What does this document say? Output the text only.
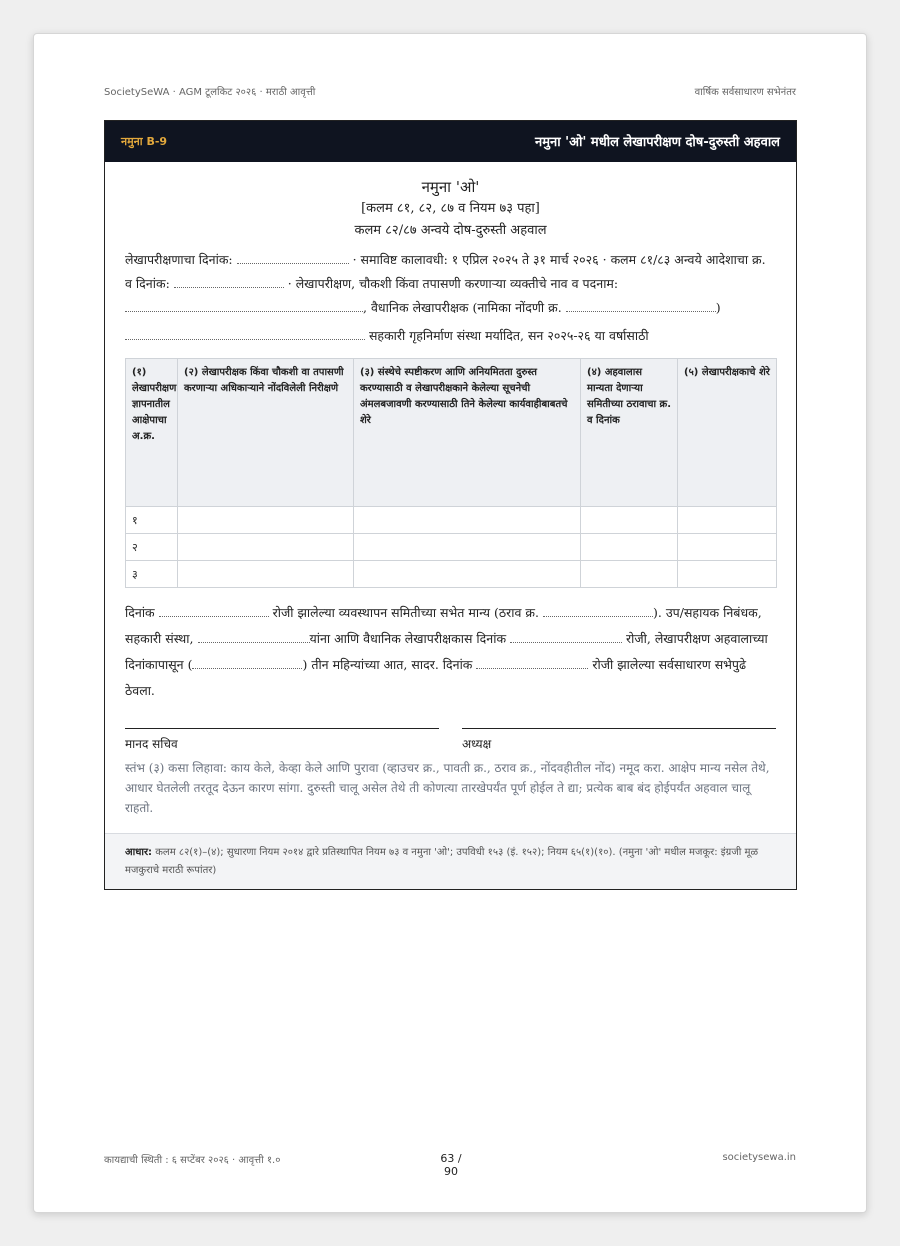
SocietySeWA · AGM टूलकिट २०२६ · मराठी आवृत्ती	वार्षिक सर्वसाधारण सभेनंतर
नमुना B-9	नमुना 'ओ' मधील लेखापरीक्षण दोष-दुरुस्ती अहवाल
नमुना 'ओ'
[कलम ८१, ८२, ८७ व नियम ७३ पहा]
कलम ८२/८७ अन्वये दोष-दुरुस्ती अहवाल
लेखापरीक्षणाचा दिनांक:	· समाविष्ट कालावधी: १ एप्रिल २०२५ ते ३१ मार्च २०२६ · कलम ८१/८३ अन्वये आदेशाचा क्र. व दिनांक:	· लेखापरीक्षण, चौकशी किंवा तपासणी करणाऱ्या व्यक्तीचे नाव व पदनाम: , वैधानिक लेखापरीक्षक (नामिका नोंदणी क्र.	)
सहकारी गृहनिर्माण संस्था मर्यादित, सन २०२५-२६ या वर्षासाठी
(१) लेखापरीक्षण ज्ञापनातील आक्षेपाचा अ.क्र.	(२) लेखापरीक्षक किंवा चौकशी वा तपासणी करणाऱ्या अधिकाऱ्याने नोंदविलेली निरीक्षणे	(३) संस्थेचे स्पष्टीकरण आणि अनियमितता दुरुस्त करण्यासाठी व लेखापरीक्षकाने केलेल्या सूचनेची अंमलबजावणी करण्यासाठी तिने केलेल्या कार्यवाहीबाबतचे शेरे	(४) अहवालास मान्यता देणाऱ्या समितीच्या ठरावाचा क्र. व दिनांक	(५) लेखापरीक्षकाचे शेरे
१				
२				
३				
दिनांक	रोजी झालेल्या व्यवस्थापन समितीच्या सभेत मान्य (ठराव क्र.	). उप/सहायक निबंधक, सहकारी संस्था,	यांना आणि वैधानिक लेखापरीक्षकास दिनांक	रोजी, लेखापरीक्षण अहवालाच्या दिनांकापासून (	) तीन महिन्यांच्या आत, सादर. दिनांक	रोजी झालेल्या सर्वसाधारण सभेपुढे ठेवला.
मानद सचिव	अध्यक्ष
स्तंभ (३) कसा लिहावा: काय केले, केव्हा केले आणि पुरावा (व्हाउचर क्र., पावती क्र., ठराव क्र., नोंदवहीतील नोंद) नमूद करा. आक्षेप मान्य नसेल तेथे, आधार घेतलेली तरतूद देऊन कारण सांगा. दुरुस्ती चालू असेल तेथे ती कोणत्या तारखेपर्यंत पूर्ण होईल ते द्या; प्रत्येक बाब बंद होईपर्यंत अहवाल चालू राहतो.
आधार: कलम ८२(१)–(४); सुधारणा नियम २०१४ द्वारे प्रतिस्थापित नियम ७३ व नमुना 'ओ'; उपविधी १५३ (इं. १५२); नियम ६५(१)(१०). (नमुना 'ओ' मधील मजकूर: इंग्रजी मूळ मजकुराचे मराठी रूपांतर)
कायद्याची स्थिती : ६ सप्टेंबर २०२६ · आवृत्ती १.०	63 / 90
societysewa.in
